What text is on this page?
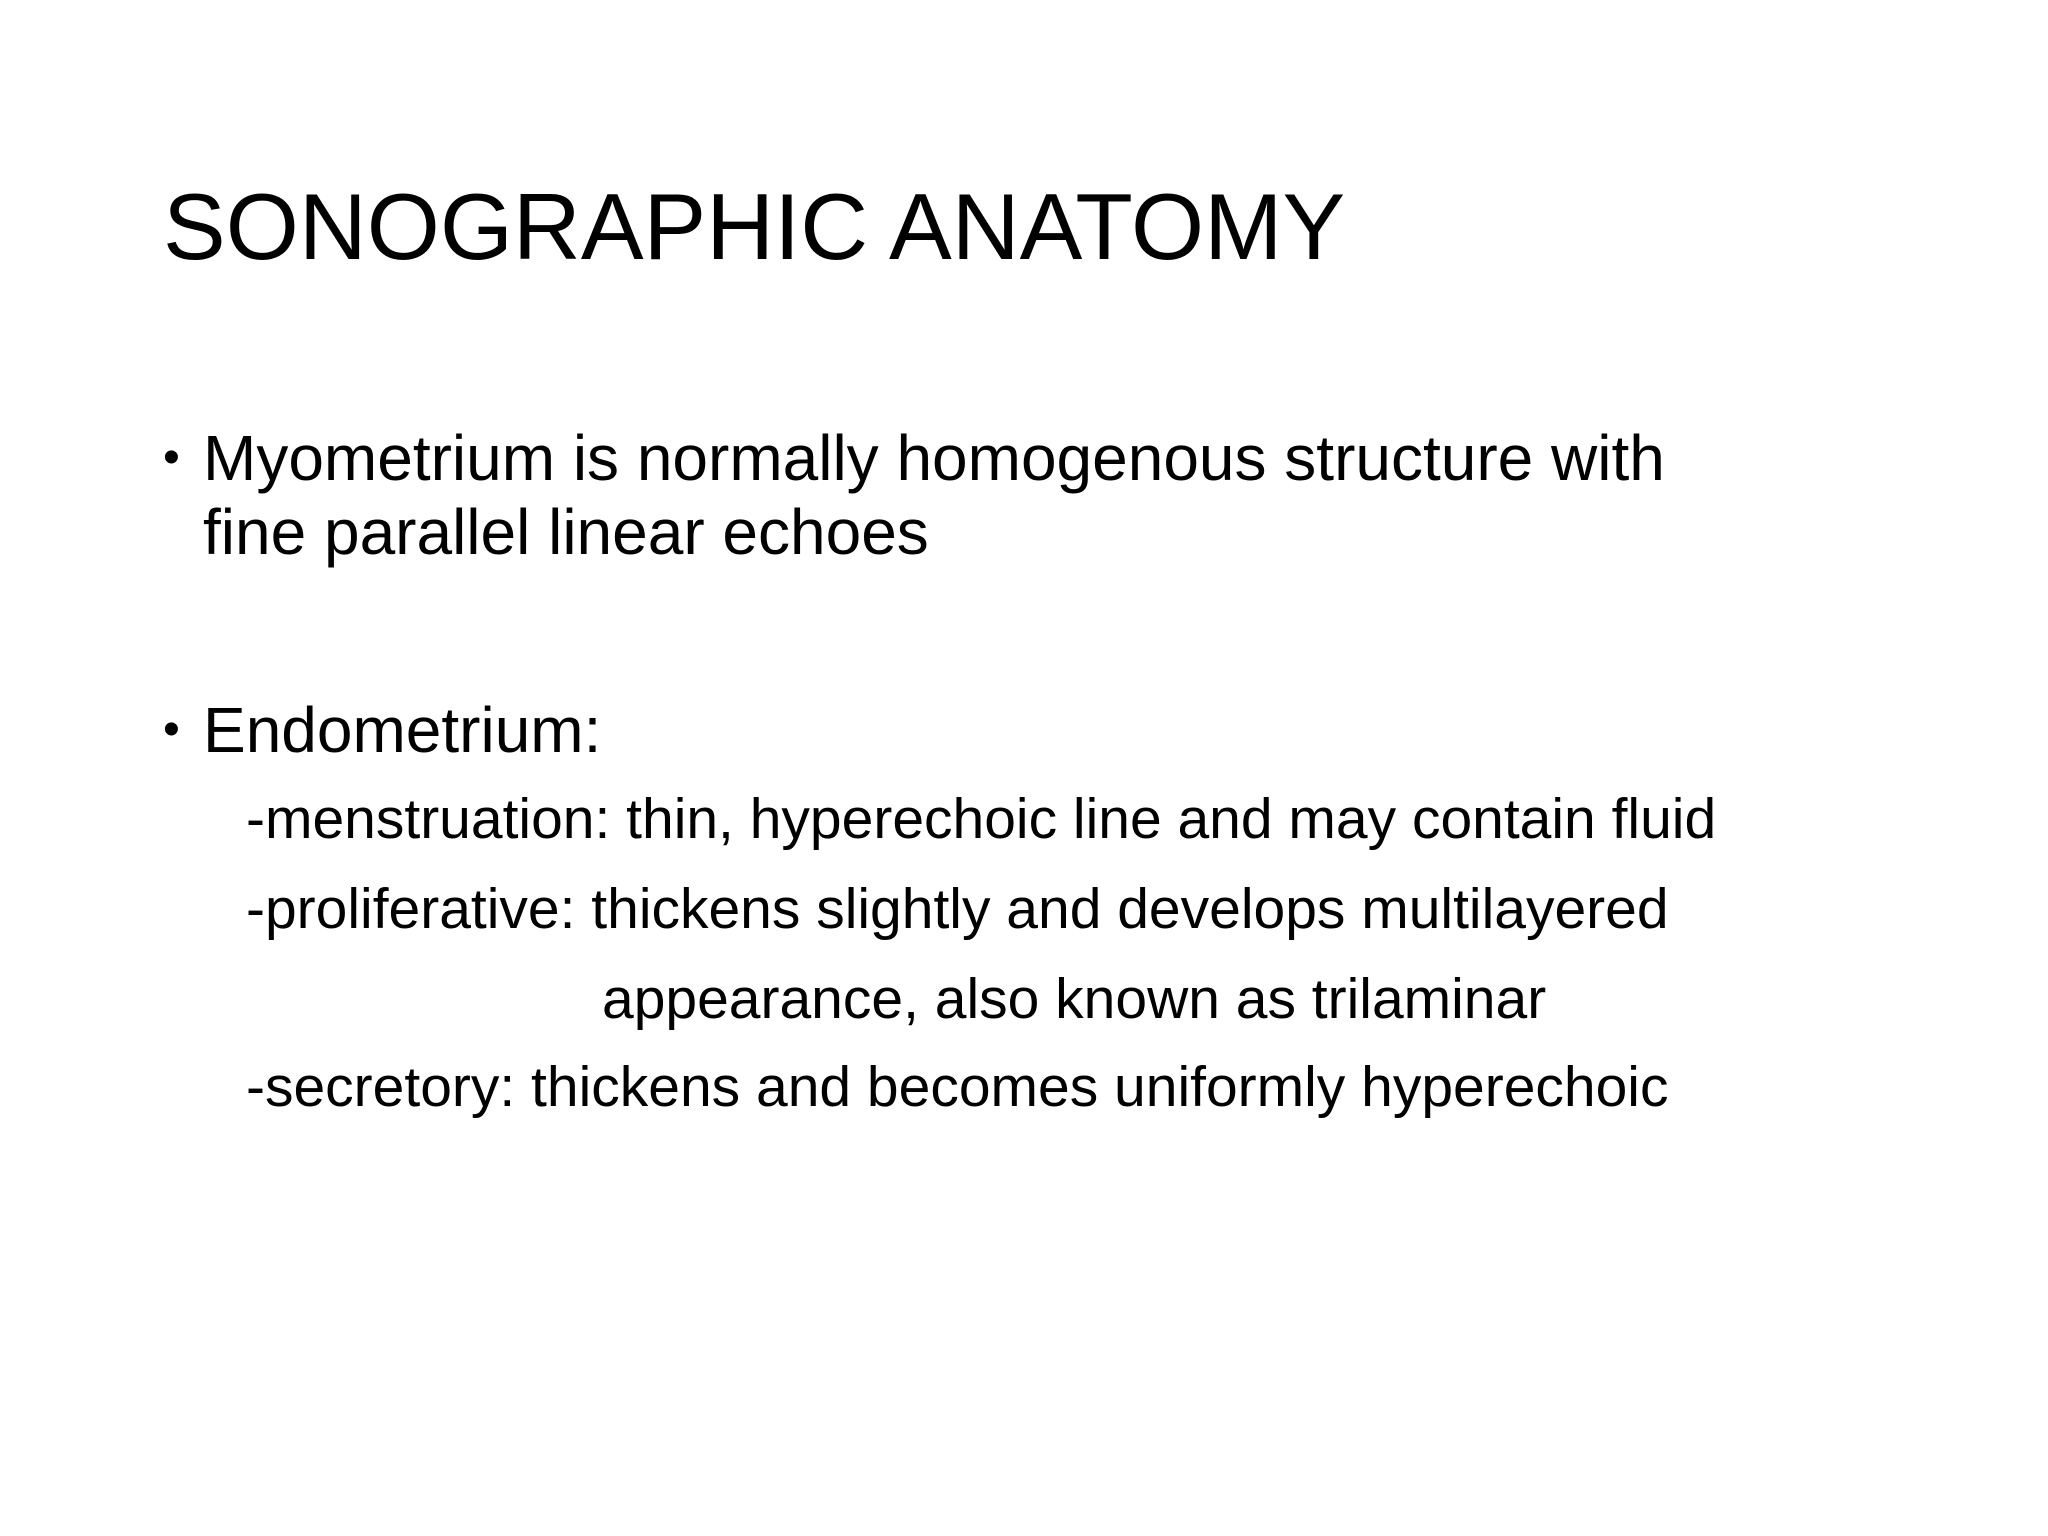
SONOGRAPHIC ANATOMY
• Myometrium is normally homogenous structure with
fine parallel linear echoes
• Endometrium:
-menstruation: thin, hyperechoic line and may contain fluid
-proliferative: thickens slightly and develops multilayered
appearance, also known as trilaminar
-secretory: thickens and becomes uniformly hyperechoic
